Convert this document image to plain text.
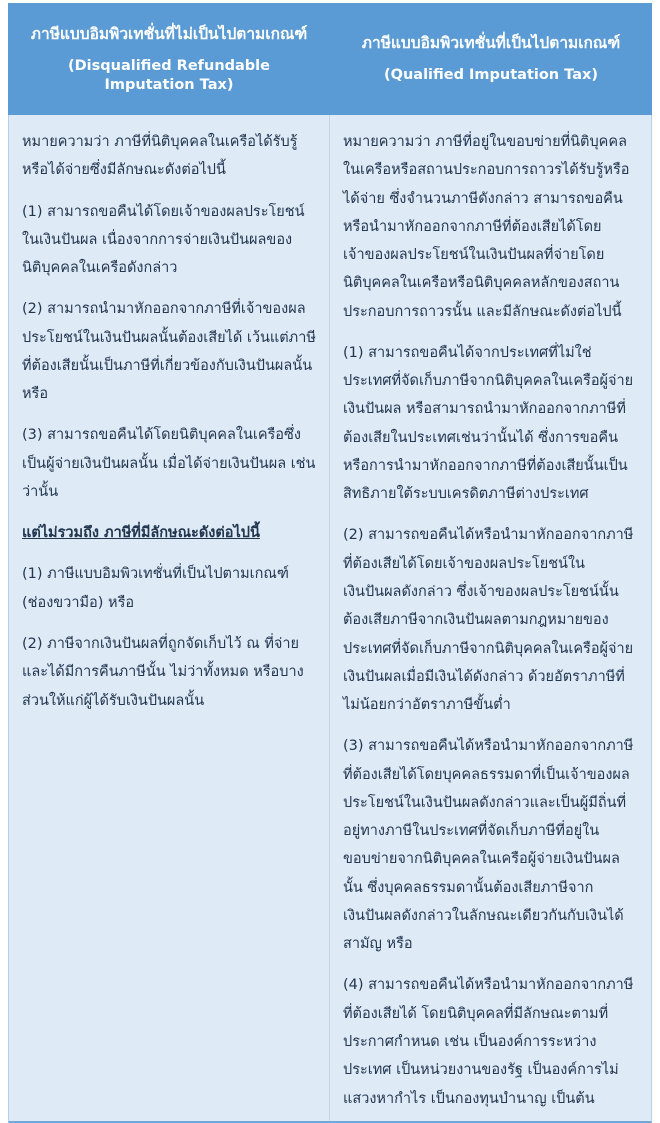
ภาษีแบบอิมพิวเทชั่นที่ไม่เป็นไปตามเกณฑ์
(Disqualified Refundable Imputation Tax)
ภาษีแบบอิมพิวเทชั่นที่เป็นไปตามเกณฑ์
(Qualified Imputation Tax)

หมายความว่า ภาษีที่นิติบุคคลในเครือได้รับรู้หรือได้จ่ายซึ่งมีลักษณะดังต่อไปนี้

(1) สามารถขอคืนได้โดยเจ้าของผลประโยชน์ในเงินปันผล เนื่องจากการจ่ายเงินปันผลของนิติบุคคลในเครือดังกล่าว

(2) สามารถนำมาหักออกจากภาษีที่เจ้าของผลประโยชน์ในเงินปันผลนั้นต้องเสียได้ เว้นแต่ภาษีที่ต้องเสียนั้นเป็นภาษีที่เกี่ยวข้องกับเงินปันผลนั้น หรือ

(3) สามารถขอคืนได้โดยนิติบุคคลในเครือซึ่งเป็นผู้จ่ายเงินปันผลนั้น เมื่อได้จ่ายเงินปันผล เช่นว่านั้น

แต่ไม่รวมถึง ภาษีที่มีลักษณะดังต่อไปนี้

(1) ภาษีแบบอิมพิวเทชั่นที่เป็นไปตามเกณฑ์ (ช่องขวามือ) หรือ

(2) ภาษีจากเงินปันผลที่ถูกจัดเก็บไว้ ณ ที่จ่ายและได้มีการคืนภาษีนั้น ไม่ว่าทั้งหมด หรือบางส่วนให้แก่ผู้ได้รับเงินปันผลนั้น

หมายความว่า ภาษีที่อยู่ในขอบข่ายที่นิติบุคคลในเครือหรือสถานประกอบการถาวรได้รับรู้หรือได้จ่าย ซึ่งจำนวนภาษีดังกล่าว สามารถขอคืนหรือนำมาหักออกจากภาษีที่ต้องเสียได้โดยเจ้าของผลประโยชน์ในเงินปันผลที่จ่ายโดยนิติบุคคลในเครือหรือนิติบุคคลหลักของสถานประกอบการถาวรนั้น และมีลักษณะดังต่อไปนี้

(1) สามารถขอคืนได้จากประเทศที่ไม่ใช่ประเทศที่จัดเก็บภาษีจากนิติบุคคลในเครือผู้จ่ายเงินปันผล หรือสามารถนำมาหักออกจากภาษีที่ต้องเสียในประเทศเช่นว่านั้นได้ ซึ่งการขอคืน หรือการนำมาหักออกจากภาษีที่ต้องเสียนั้นเป็นสิทธิภายใต้ระบบเครดิตภาษีต่างประเทศ

(2) สามารถขอคืนได้หรือนำมาหักออกจากภาษีที่ต้องเสียได้โดยเจ้าของผลประโยชน์ในเงินปันผลดังกล่าว ซึ่งเจ้าของผลประโยชน์นั้นต้องเสียภาษีจากเงินปันผลตามกฎหมายของประเทศที่จัดเก็บภาษีจากนิติบุคคลในเครือผู้จ่ายเงินปันผลเมื่อมีเงินได้ดังกล่าว ด้วยอัตราภาษีที่ไม่น้อยกว่าอัตราภาษีขั้นต่ำ

(3) สามารถขอคืนได้หรือนำมาหักออกจากภาษีที่ต้องเสียได้โดยบุคคลธรรมดาที่เป็นเจ้าของผลประโยชน์ในเงินปันผลดังกล่าวและเป็นผู้มีถิ่นที่อยู่ทางภาษีในประเทศที่จัดเก็บภาษีที่อยู่ในขอบข่ายจากนิติบุคคลในเครือผู้จ่ายเงินปันผลนั้น ซึ่งบุคคลธรรมดานั้นต้องเสียภาษีจากเงินปันผลดังกล่าวในลักษณะเดียวกันกับเงินได้สามัญ หรือ

(4) สามารถขอคืนได้หรือนำมาหักออกจากภาษีที่ต้องเสียได้ โดยนิติบุคคลที่มีลักษณะตามที่ประกาศกำหนด เช่น เป็นองค์การระหว่างประเทศ เป็นหน่วยงานของรัฐ เป็นองค์การไม่แสวงหากำไร เป็นกองทุนบำนาญ เป็นต้น
